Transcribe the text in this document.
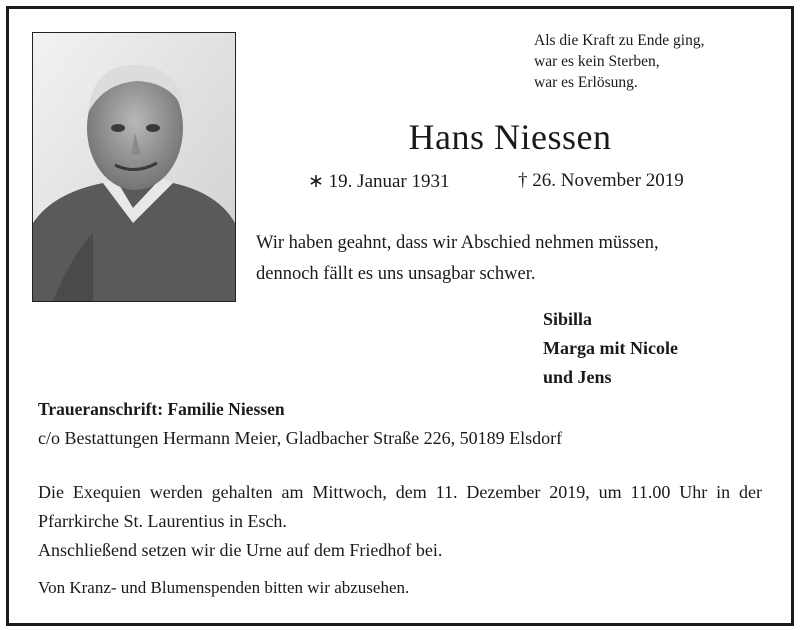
Als die Kraft zu Ende ging,
war es kein Sterben,
war es Erlösung.
Hans Niessen
∗ 19. Januar 1931	† 26. November 2019
Wir haben geahnt, dass wir Abschied nehmen müssen,
dennoch fällt es uns unsagbar schwer.
Sibilla
Marga mit Nicole
und Jens
Traueranschrift: Familie Niessen
c/o Bestattungen Hermann Meier, Gladbacher Straße 226, 50189 Elsdorf
Die Exequien werden gehalten am Mittwoch, dem 11. Dezember 2019, um 11.00 Uhr in der Pfarrkirche St. Laurentius in Esch.
Anschließend setzen wir die Urne auf dem Friedhof bei.
Von Kranz- und Blumenspenden bitten wir abzusehen.
